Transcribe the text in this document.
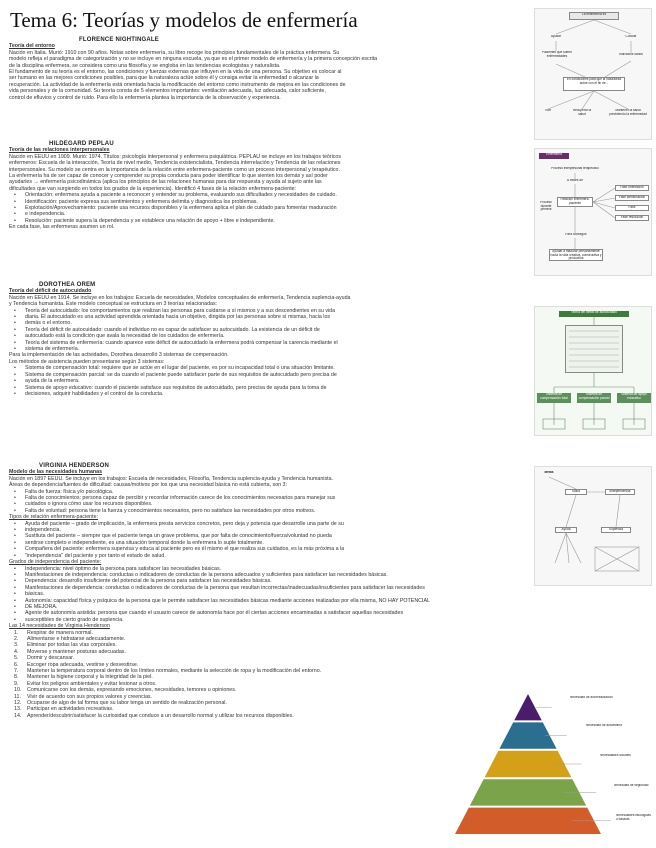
Tema 6: Teorías y modelos de enfermería

FLORENCE NIGHTINGALE

Teoría del entorno

Nación en Italia. Murió: 1910 con 90 años. Notas sobre enfermería, su libro recoge los principios fundamentales de la práctica enfermera. Su

modelo refleja el paradigma de categorización y no se incluye en ninguna escuela, ya que es el primer modelo de enfermería y la primera concepción escrita

de la disciplina enfermera, se considera como una filosofía y se engloba en las tendencias ecologistas y naturalista.

El fundamento de su teoría es el entorno, las condiciones y fuerzas externas que influyen en la vida de una persona. Su objetivo es colocar al

ser humano en las mejores condiciones posibles, para que la naturaleza actúe sobre él y consiga evitar la enfermedad o alcanzar la

recuperación. La actividad de la enfermería está orientada hacia la modificación del entorno como instrumento de mejora en las condiciones de

vida personales y de la comunidad. Su teoría consta de 5 elementos importantes: ventilación adecuada, luz adecuada, calor suficiente,

control de efluvios y control de ruido. Para ello la enfermería plantea la importancia de la observación y experiencia.

HILDEGARD PEPLAU

Teoría de las relaciones interpersonales

Nación en EEUU en 1909. Murió: 1974. Títulos: psicología interpersonal y enfermera psiquiátrica. PEPLAU se incluye en los trabajos teóricos

enfermeros: Escuela de la interacción, Teoría de nivel medio, Tendencia existencialista, Tendencia interrelación y Tendencia de las relaciones

interpersonales. Su modelo se centra en la importancia de la relación entre enfermera-paciente como un proceso interpersonal y terapéutico.

La enfermería ha de ser capaz de conocer y comprender su propia conducta para poder identificar lo que sienten los demás y así poder

ayudarles → enfermería psicodinámica (aplica los principios de las relaciones humanas para dar respuesta y ayuda al sujeto ante las

dificultades que van surgiendo en todos los grados de la experiencia). Identificó 4 fases de la relación enfermera-paciente:

• Orientación: enfermera ayuda a paciente a reconocer y entender su problema, evaluando sus dificultades y necesidades de cuidado.
• Identificación: paciente expresa sus sentimientos y enfermera delimita y diagnostica los problemas.
• Explotación/Aprovechamiento: paciente usa recursos disponibles y la enfermera aplica el plan de cuidado para fomentar maduración
• e independencia.
• Resolución: paciente supera la dependencia y se establece una relación de apoyo + libre e independiente.

En cada fase, las enfermeras asumen un rol.

DOROTHEA OREM

Teoría del déficit de autocuidado

Nación en EEUU en 1914. Se incluye en los trabajos: Escuela de necesidades, Modelos conceptuales de enfermería, Tendencia suplencia-ayuda

y Tendencia humanista. Este modelo conceptual se estructura en 3 teorías relacionadas:

• Teoría del autocuidado: los comportamientos que realizan las personas para cuidarse a sí mismos y a sus descendientes en su vida
• diaria. El autocuidado es una actividad aprendida orientada hacia un objetivo, dirigida por las personas sobre sí mismas, hacia los
• demás o el entorno.
• Teoría del déficit de autocuidado: cuando el individuo no es capaz de satisfacer su autocuidado. La existencia de un déficit de
• autocuidado está la condición que avala la necesidad de los cuidados de enfermería.
• Teoría del sistema de enfermería: cuando aparece este déficit de autocuidado la enfermera podrá compensar la carencia mediante el
• sistema de enfermería.

Para la implementación de las actividades, Dorothea desarrolló 3 sistemas de compensación.

Los métodos de asistencia pueden presentarse según 3 sistemas:

• Sistema de compensación total: requiere que se actúe en el lugar del paciente, es por su incapacidad total o una situación limitante.
• Sistema de compensación parcial: se da cuando el paciente puede satisfacer parte de sus requisitos de autocuidado pero precisa de
• ayuda de la enfermera.
• Sistema de apoyo educativo: cuando el paciente satisface sus requisitos de autocuidado, pero precisa de ayuda para la toma de
• decisiones, adquirir habilidades y el control de la conducta.

VIRGINIA HENDERSON

Modelo de las necesidades humanas

Nación en 1897 EEUU. Se incluye en los trabajos: Escuela de necesidades, Filosofía, Tendencia suplencia-ayuda y Tendencia humanista.

Áreas de dependencia/fuentes de dificultad: causas/motivos por los que una necesidad básica no está cubierta, son 3:

• Falta de fuerza: física y/o psicológica.
• Falta de conocimientos: persona capaz de percibir y recordar información carece de los conocimientos necesarios para manejar sus
• cuidados o ignora cómo usar los recursos disponibles.
• Falta de voluntad: persona tiene la fuerza y conocimientos necesarios, pero no satisface las necesidades por otros motivos.

Tipos de relación enfermera-paciente:

• Ayuda del paciente – grado de implicación, la enfermera presta servicios concretos, pero deja y potencia que desarrolle una parte de su
• independencia.
• Sustituta del paciente – siempre que el paciente tenga un grave problema, que por falta de conocimiento/fuerza/voluntad no pueda
• sentirse completo e independiente, es una situación temporal donde la enfermera lo suple totalmente.
• Compañera del paciente: enfermera supervisa y educa al paciente pero es él mismo el que realiza sus cuidados, es la más próxima a la
• "independencia" del paciente y por tanto el estado de salud.

Grados de independencia del paciente:

• Independencia: nivel óptimo de la persona para satisfacer las necesidades básicas.
• Manifestaciones de independencia: conductas o indicadores de conductas de la persona adecuados y suficientes para satisfacer las necesidades básicas.
• Dependencia: desarrollo insuficiente del potencial de la persona para satisfacer las necesidades básicas.
• Manifestaciones de dependencia: conductas o indicadores de conductas de la persona que resultan incorrectas/inadecuadas/insuficientes para satisfacer las necesidades
• básicas.
• Autonomía: capacidad física y psíquica de la persona que le permite satisfacer las necesidades básicas mediante acciones realizadas por ella misma, NO HAY POTENCIAL
• DE MEJORA.
• Agente de autonomía asistida: persona que cuando el usuario carece de autonomía hace por él ciertas acciones encaminadas a satisfacer aquellas necesidades
• susceptibles de cierto grado de suplencia.

Las 14 necesidades de Virginia Henderson

1. Respirar de manera normal.
2. Alimentarse e hidratarse adecuadamente.
3. Eliminar por todas las vías corporales.
4. Moverse y mantener posturas adecuadas.
5. Dormir y descansar.
6. Escoger ropa adecuada, vestirse y desvestirse.
7. Mantener la temperatura corporal dentro de los límites normales, mediante la selección de ropa y la modificación del entorno.
8. Mantener la higiene corporal y la integridad de la piel.
9. Evitar los peligros ambientales y evitar lesionar a otros.
10. Comunicarse con los demás, expresando emociones, necesidades, temores u opiniones.
11. Vivir de acuerdo con sus propios valores y creencias.
12. Ocuparse de algo de tal forma que su labor tenga un sentido de realización personal.
13. Participar en actividades recreativas.
14. Aprender/descubrir/satisfacer la curiosidad que conduce a un desarrollo normal y utilizar los recursos disponibles.
La enfermería es
Ayudar	Colocar
Pacientes que sufren enfermedades	Individuos sanos
En condiciones para que la naturaleza actúe con el fin de...
Vivir	Recuperar la salud
Mantener la salud previniendo la enfermedad
Enfermería
Proceso interpersonal terapéutico
A través de
Relación enfermera-paciente
Proceso durante primera
Fase orientación
Fase identificación
Fase aprovechamiento
Fase resolución
Para conseguir
Ayudar a madurar personalmente hacia la vida creativa, constructiva y productiva
Teoría del déficit de autocuidado
Sistema de compensación total
Sistema de compensación parcial
Sistema de apoyo educativo
Metas
Salud	Independencia
Ayuda	Suplencia
Necesidad de autorrealización
Necesidad de autoestima
Necesidades sociales
Necesidad de seguridad
Necesidades fisiológicas o básicas
